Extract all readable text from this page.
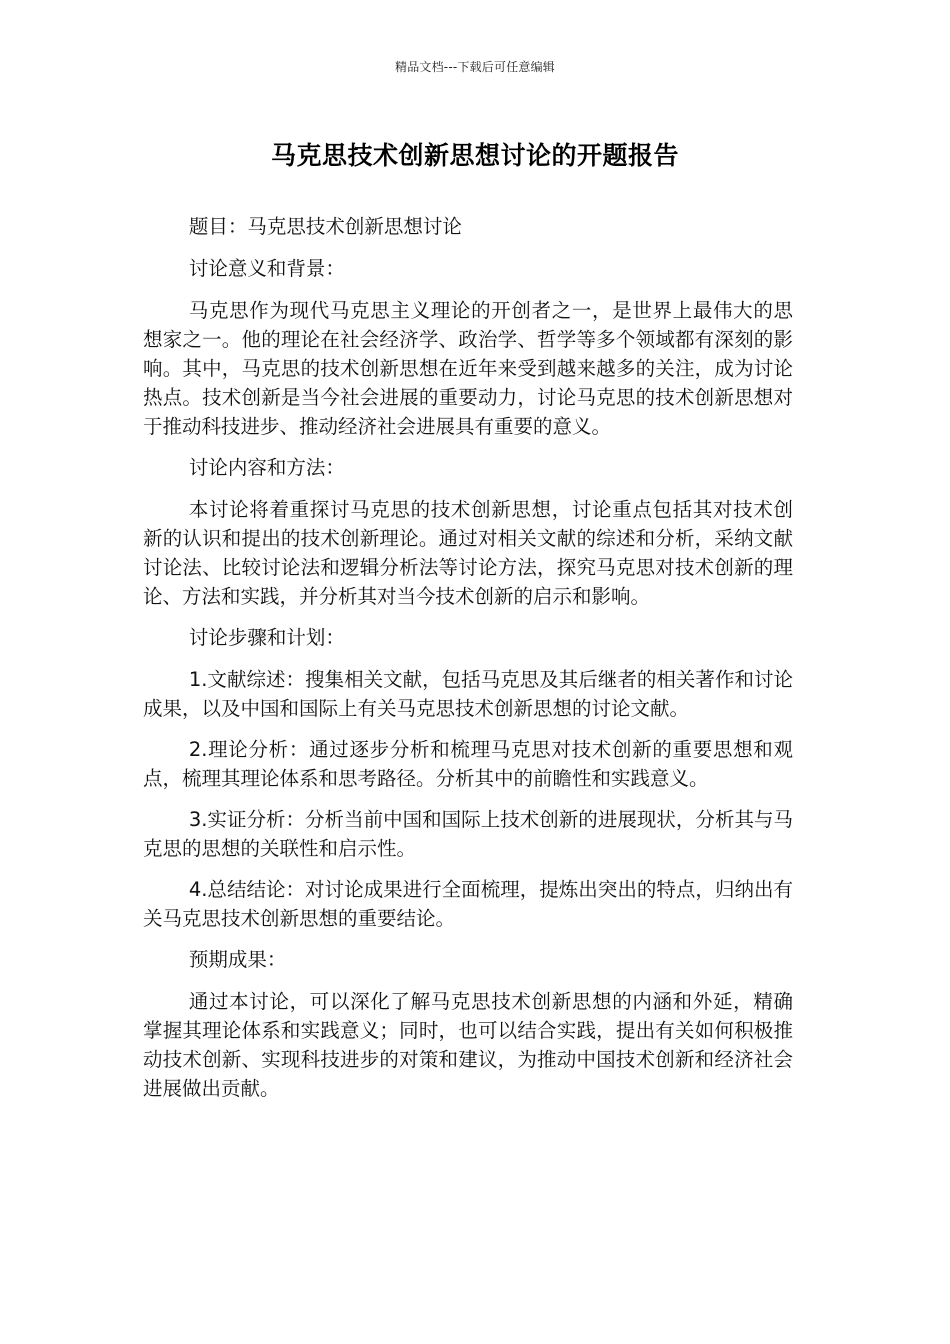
精品文档---下载后可任意编辑
马克思技术创新思想讨论的开题报告

题目：马克思技术创新思想讨论

讨论意义和背景：

马克思作为现代马克思主义理论的开创者之一，是世界上最伟大的思想家之一。他的理论在社会经济学、政治学、哲学等多个领域都有深刻的影响。其中，马克思的技术创新思想在近年来受到越来越多的关注，成为讨论热点。技术创新是当今社会进展的重要动力，讨论马克思的技术创新思想对于推动科技进步、推动经济社会进展具有重要的意义。

讨论内容和方法：

本讨论将着重探讨马克思的技术创新思想，讨论重点包括其对技术创新的认识和提出的技术创新理论。通过对相关文献的综述和分析，采纳文献讨论法、比较讨论法和逻辑分析法等讨论方法，探究马克思对技术创新的理论、方法和实践，并分析其对当今技术创新的启示和影响。

讨论步骤和计划：

1.文献综述：搜集相关文献，包括马克思及其后继者的相关著作和讨论成果，以及中国和国际上有关马克思技术创新思想的讨论文献。

2.理论分析：通过逐步分析和梳理马克思对技术创新的重要思想和观点，梳理其理论体系和思考路径。分析其中的前瞻性和实践意义。

3.实证分析：分析当前中国和国际上技术创新的进展现状，分析其与马克思的思想的关联性和启示性。

4.总结结论：对讨论成果进行全面梳理，提炼出突出的特点，归纳出有关马克思技术创新思想的重要结论。

预期成果：

通过本讨论，可以深化了解马克思技术创新思想的内涵和外延，精确掌握其理论体系和实践意义；同时，也可以结合实践，提出有关如何积极推动技术创新、实现科技进步的对策和建议，为推动中国技术创新和经济社会进展做出贡献。
